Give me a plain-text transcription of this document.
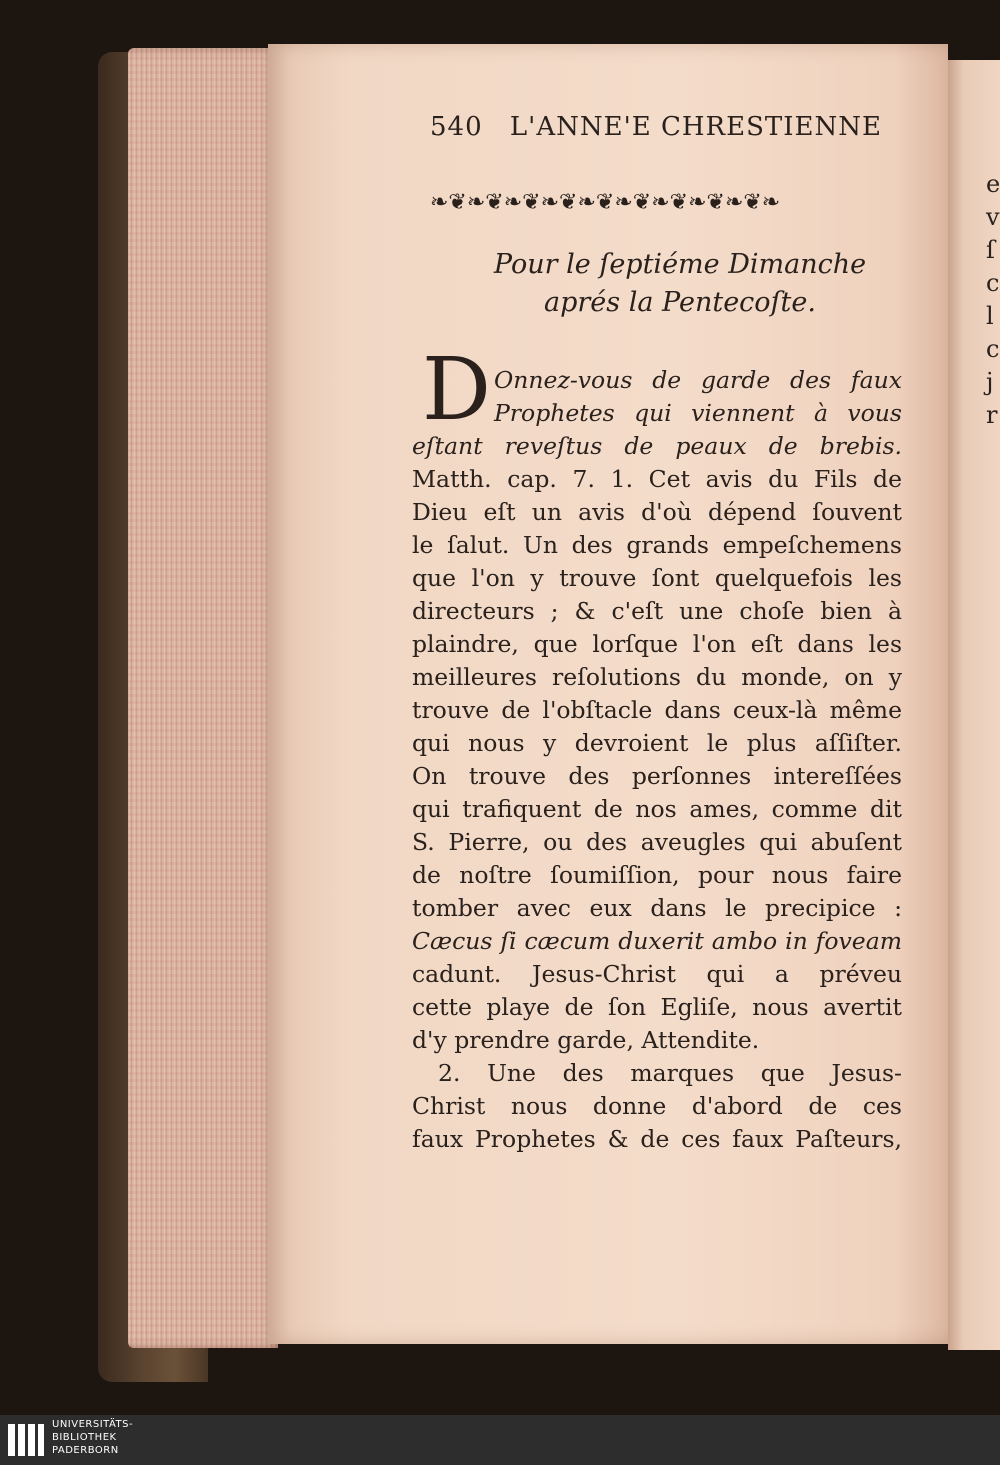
e
v
ſ
c
l
c
j
r
540 L'ANNE'E CHRESTIENNE
❧❦❧❦❧❦❧❦❧❦❧❦❧❦❧❦❧❦❧
Pour le ſeptiéme Dimanche
aprés la Pentecoſte.
D Onnez-vous de garde des faux
Prophetes qui viennent à vous
eſtant reveſtus de peaux de brebis.
Matth. cap. 7. 1. Cet avis du Fils de
Dieu eſt un avis d'où dépend ſouvent
le ſalut. Un des grands empeſchemens
que l'on y trouve ſont quelquefois les
directeurs ; & c'eſt une choſe bien à
plaindre, que lorſque l'on eſt dans les
meilleures reſolutions du monde, on y
trouve de l'obſtacle dans ceux-là même
qui nous y devroient le plus aſſiſter.
On trouve des perſonnes intereſſées
qui trafiquent de nos ames, comme dit
S. Pierre, ou des aveugles qui abuſent
de noſtre ſoumiſſion, pour nous faire
tomber avec eux dans le precipice :
Cæcus ſi cæcum duxerit ambo in foveam
cadunt. Jesus-Christ qui a préveu
cette playe de ſon Egliſe, nous avertit
d'y prendre garde, Attendite.
2. Une des marques que Jesus-
Christ nous donne d'abord de ces
faux Prophetes & de ces faux Paſteurs,
UNIVERSITÄTS-
BIBLIOTHEK
PADERBORN
